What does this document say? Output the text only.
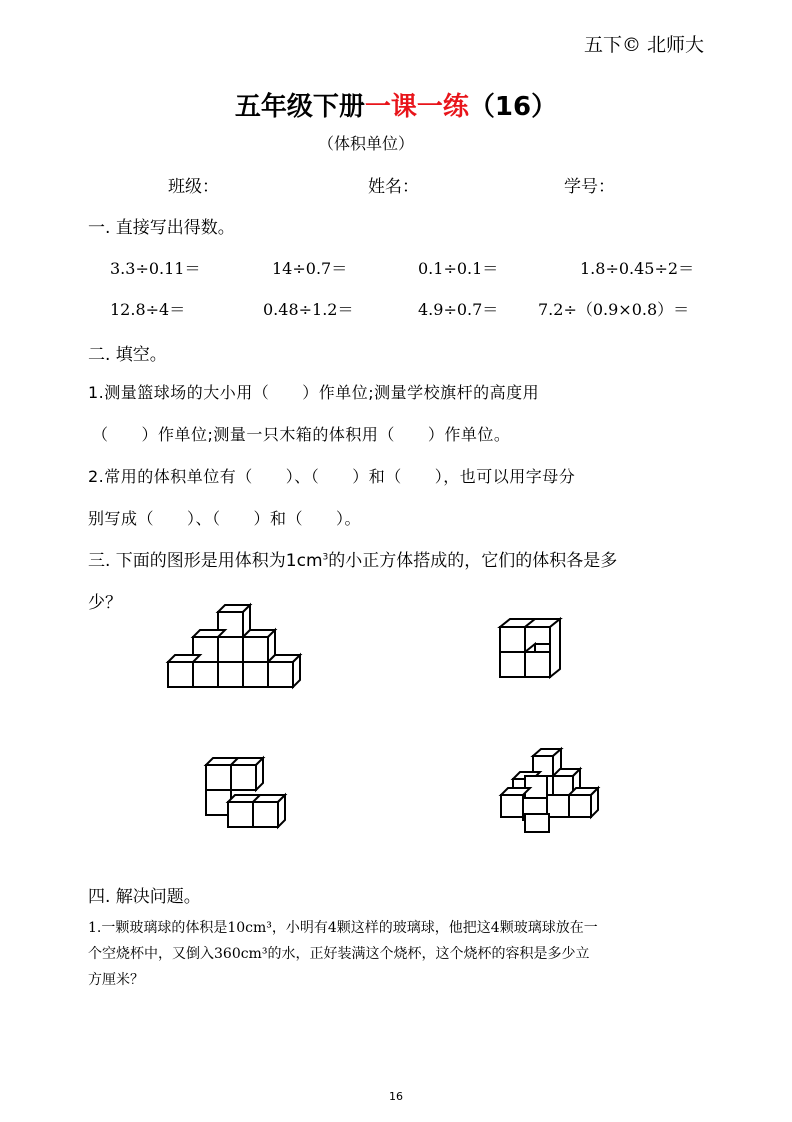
五下© 北师大
五年级下册一课一练（16）
（体积单位）
班级：	姓名：	学号：
一. 直接写出得数。
3.3÷0.11＝	14÷0.7＝	0.1÷0.1＝	1.8÷0.45÷2＝
12.8÷4＝	0.48÷1.2＝	4.9÷0.7＝ 7.2÷（0.9×0.8）＝
二. 填空。
1.测量篮球场的大小用（　　）作单位;测量学校旗杆的高度用
（　　）作单位;测量一只木箱的体积用（　　）作单位。
2.常用的体积单位有（　　）、（　　）和（　　），也可以用字母分
别写成（　　）、（　　）和（　　）。
三. 下面的图形是用体积为$1cm^3$的小正方体搭成的，它们的体积各是多
少？
四. 解决问题。
1.一颗玻璃球的体积是10cm³，小明有4颗这样的玻璃球，他把这4颗玻璃球放在一
个空烧杯中，又倒入360cm³的水，正好装满这个烧杯，这个烧杯的容积是多少立
方厘米？
16
